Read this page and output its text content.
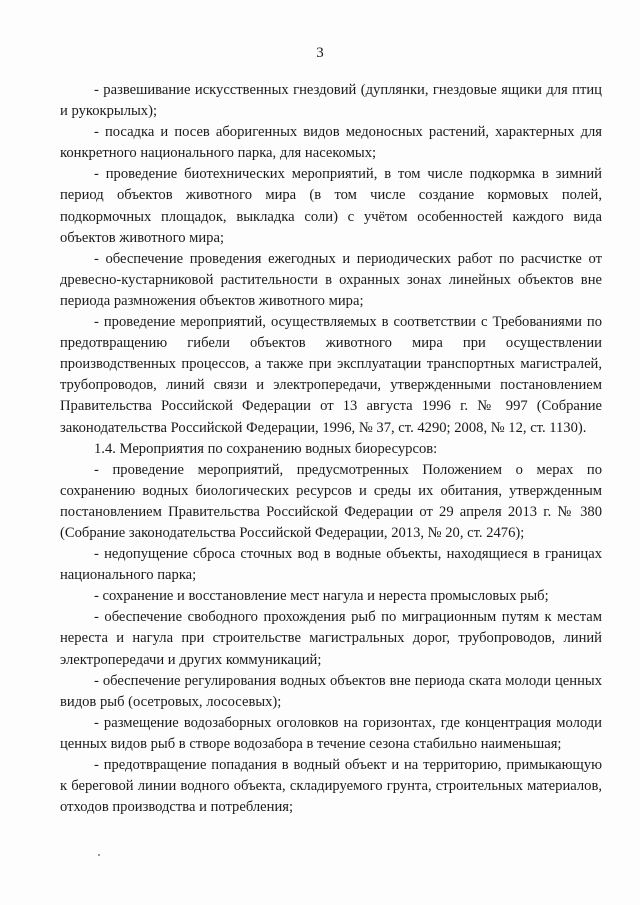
3

- развешивание искусственных гнездовий (дуплянки, гнездовые ящики для птиц и рукокрылых);

- посадка и посев аборигенных видов медоносных растений, характерных для конкретного национального парка, для насекомых;

- проведение биотехнических мероприятий, в том числе подкормка в зимний период объектов животного мира (в том числе создание кормовых полей, подкормочных площадок, выкладка соли) с учётом особенностей каждого вида объектов животного мира;

- обеспечение проведения ежегодных и периодических работ по расчистке от древесно-кустарниковой растительности в охранных зонах линейных объектов вне периода размножения объектов животного мира;

- проведение мероприятий, осуществляемых в соответствии с Требованиями по предотвращению гибели объектов животного мира при осуществлении производственных процессов, а также при эксплуатации транспортных магистралей, трубопроводов, линий связи и электропередачи, утвержденными постановлением Правительства Российской Федерации от 13 августа 1996 г. № 997 (Собрание законодательства Российской Федерации, 1996, № 37, ст. 4290; 2008, № 12, ст. 1130).

1.4. Мероприятия по сохранению водных биоресурсов:

- проведение мероприятий, предусмотренных Положением о мерах по сохранению водных биологических ресурсов и среды их обитания, утвержденным постановлением Правительства Российской Федерации от 29 апреля 2013 г. № 380 (Собрание законодательства Российской Федерации, 2013, № 20, ст. 2476);

- недопущение сброса сточных вод в водные объекты, находящиеся в границах национального парка;

- сохранение и восстановление мест нагула и нереста промысловых рыб;

- обеспечение свободного прохождения рыб по миграционным путям к местам нереста и нагула при строительстве магистральных дорог, трубопроводов, линий электропередачи и других коммуникаций;

- обеспечение регулирования водных объектов вне периода ската молоди ценных видов рыб (осетровых, лососевых);

- размещение водозаборных оголовков на горизонтах, где концентрация молоди ценных видов рыб в створе водозабора в течение сезона стабильно наименьшая;

- предотвращение попадания в водный объект и на территорию, примыкающую к береговой линии водного объекта, складируемого грунта, строительных материалов, отходов производства и потребления;
